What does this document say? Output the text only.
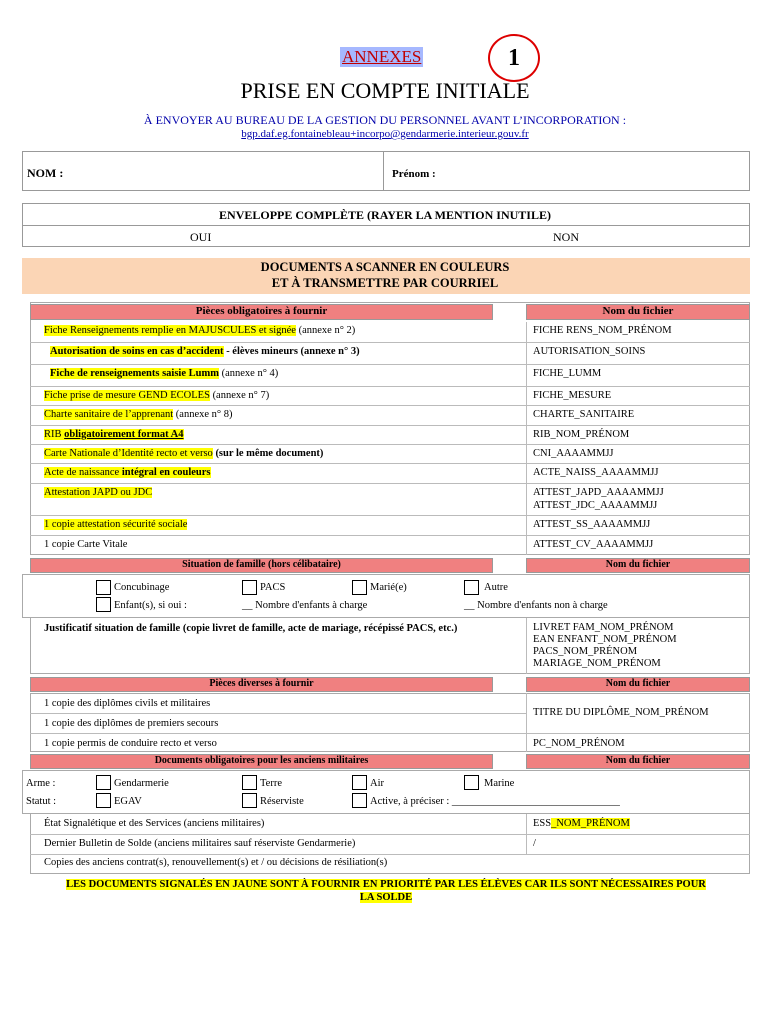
ANNEXES	1
PRISE EN COMPTE INITIALE
À ENVOYER AU BUREAU DE LA GESTION DU PERSONNEL AVANT L’INCORPORATION :
bgp.daf.eg.fontainebleau+incorpo@gendarmerie.interieur.gouv.fr
NOM :	Prénom :
ENVELOPPE COMPLÈTE (RAYER LA MENTION INUTILE)
OUI	NON
DOCUMENTS A SCANNER EN COULEURS
ET À TRANSMETTRE PAR COURRIEL
Pièces obligatoires à fournir	Nom du fichier
Fiche Renseignements remplie en MAJUSCULES et signée (annexe n° 2)	FICHE RENS_NOM_PRÉNOM
Autorisation de soins en cas d’accident - élèves mineurs (annexe n° 3)	AUTORISATION_SOINS
Fiche de renseignements saisie Lumm (annexe n° 4)	FICHE_LUMM
Fiche prise de mesure GEND ECOLES (annexe n° 7)	FICHE_MESURE
Charte sanitaire de l’apprenant (annexe n° 8)	CHARTE_SANITAIRE
RIB obligatoirement format A4	RIB_NOM_PRÉNOM
Carte Nationale d’Identité recto et verso (sur le même document)	CNI_AAAAMMJJ
Acte de naissance intégral en couleurs	ACTE_NAISS_AAAAMMJJ
Attestation JAPD ou JDC	ATTEST_JAPD_AAAAMMJJ
ATTEST_JDC_AAAAMMJJ
1 copie attestation sécurité sociale	ATTEST_SS_AAAAMMJJ
1 copie Carte Vitale	ATTEST_CV_AAAAMMJJ
Situation de famille (hors célibataire)	Nom du fichier
Concubinage	PACS	Marié(e)	Autre
Enfant(s), si oui :	__ Nombre d'enfants à charge	__ Nombre d'enfants non à charge
Justificatif situation de famille (copie livret de famille, acte de mariage, récépissé PACS, etc.)	LIVRET FAM_NOM_PRÉNOM
EAN ENFANT_NOM_PRÉNOM
PACS_NOM_PRÉNOM
MARIAGE_NOM_PRÉNOM
Pièces diverses à fournir	Nom du fichier
1 copie des diplômes civils et militaires
1 copie des diplômes de premiers secours
TITRE DU DIPLÔME_NOM_PRÉNOM
1 copie permis de conduire recto et verso	PC_NOM_PRÉNOM
Documents obligatoires pour les anciens militaires	Nom du fichier
Arme :	Gendarmerie	Terre	Air	Marine
Statut :	EGAV	Réserviste	Active, à préciser : ________________________________
État Signalétique et des Services (anciens militaires)	ESS_NOM_PRÉNOM
Dernier Bulletin de Solde (anciens militaires sauf réserviste Gendarmerie)	/
Copies des anciens contrat(s), renouvellement(s) et / ou décisions de résiliation(s)
LES DOCUMENTS SIGNALÉS EN JAUNE SONT À FOURNIR EN PRIORITÉ PAR LES ÉLÈVES CAR ILS SONT NÉCESSAIRES POUR
LA SOLDE
